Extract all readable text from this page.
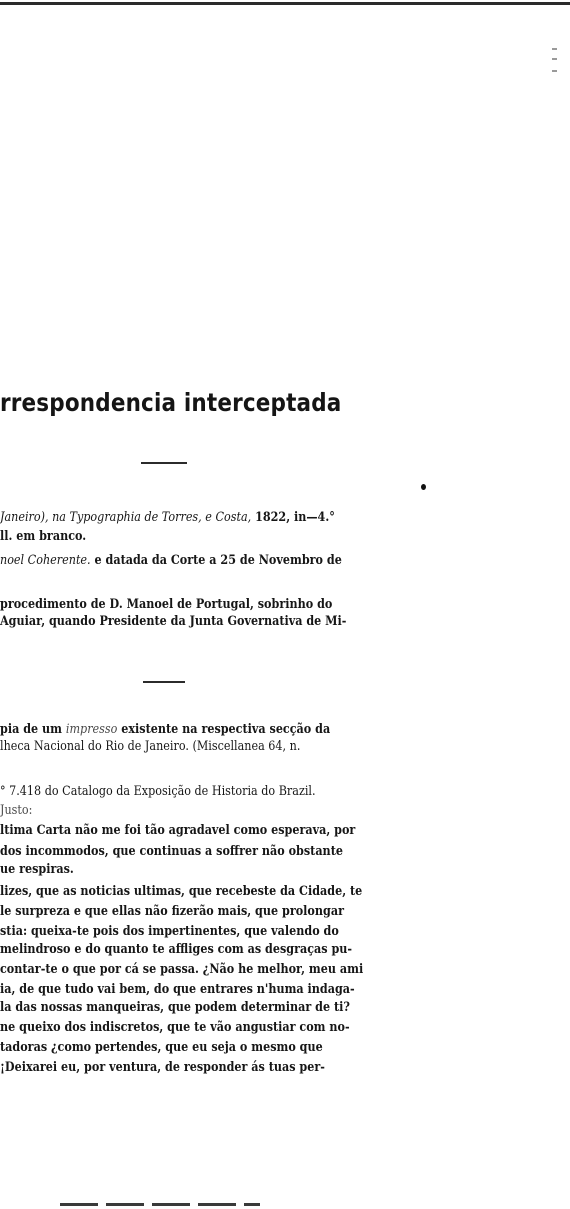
rrespondencia interceptada
Janeiro), na Typographia de Torres, e Costa, 1822, in—4.°
ll. em branco.
noel Coherente. e datada da Corte a 25 de Novembro de
procedimento de D. Manoel de Portugal, sobrinho do
Aguiar, quando Presidente da Junta Governativa de Mi-
pia de um impresso existente na respectiva secção da
lheca Nacional do Rio de Janeiro. (Miscellanea 64, n.
° 7.418 do Catalogo da Exposição de Historia do Brazil.
Justo:
ltima Carta não me foi tão agradavel como esperava, por
dos incommodos, que continuas a soffrer não obstante
ue respiras.
lizes, que as noticias ultimas, que recebeste da Cidade, te
le surpreza e que ellas não fizerão mais, que prolongar
stia: queixa-te pois dos impertinentes, que valendo do
melindroso e do quanto te affliges com as desgraças pu-
contar-te o que por cá se passa. ¿Não he melhor, meu ami
ia, de que tudo vai bem, do que entrares n'huma indaga-
la das nossas manqueiras, que podem determinar de ti?
ne queixo dos indiscretos, que te vão angustiar com no-
tadoras ¿como pertendes, que eu seja o mesmo que
¡Deixarei eu, por ventura, de responder ás tuas per-
